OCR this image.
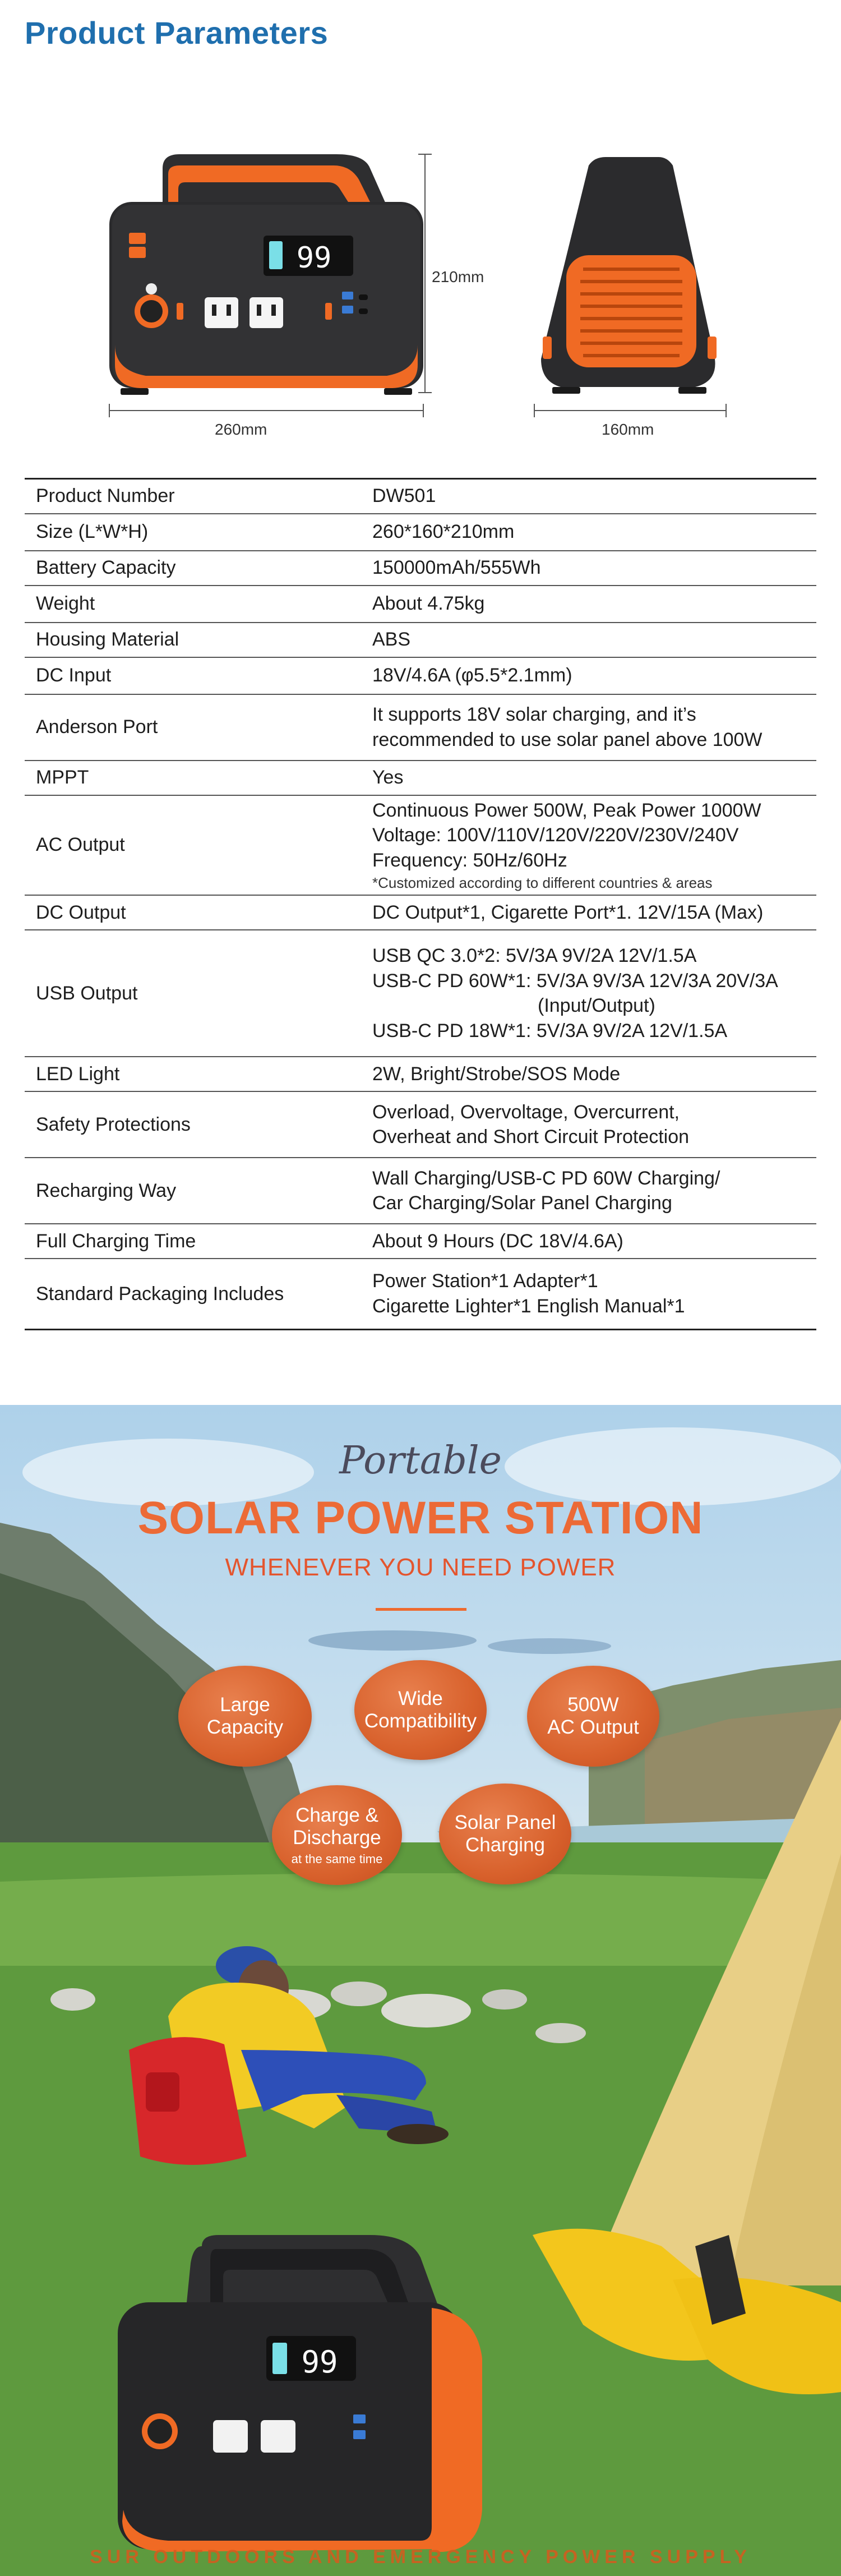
Product Parameters
99
260mm
210mm
160mm
Product Number	DW501

Size (L*W*H)	260*160*210mm

Battery Capacity	150000mAh/555Wh

Weight	About 4.75kg

Housing Material	ABS

DC Input	18V/4.6A (φ5.5*2.1mm)

Anderson Port	It supports 18V solar charging, and it’s
recommended to use solar panel above 100W

MPPT	Yes

AC Output	Continuous Power 500W, Peak Power 1000W
Voltage: 100V/110V/120V/220V/230V/240V
Frequency: 50Hz/60Hz
*Customized according to different countries & areas

DC Output	DC Output*1, Cigarette Port*1. 12V/15A (Max)

USB Output	USB QC 3.0*2: 5V/3A 9V/2A 12V/1.5A
USB-C PD 60W*1: 5V/3A 9V/3A 12V/3A 20V/3A
(Input/Output)
USB-C PD 18W*1: 5V/3A 9V/2A 12V/1.5A

LED Light	2W, Bright/Strobe/SOS Mode

Safety Protections	Overload, Overvoltage, Overcurrent,
Overheat and Short Circuit Protection

Recharging Way	Wall Charging/USB-C PD 60W Charging/
Car Charging/Solar Panel Charging

Full Charging Time	About 9 Hours (DC 18V/4.6A)

Standard Packaging Includes	Power Station*1 Adapter*1
Cigarette Lighter*1 English Manual*1
99
Portable
SOLAR POWER STATION
WHENEVER YOU NEED POWER
Large
Capacity
Wide
Compatibility
500W
AC Output
Charge &
Discharge
at the same time
Solar Panel
Charging
SUR OUTDOORS AND EMERGENCY POWER SUPPLY
